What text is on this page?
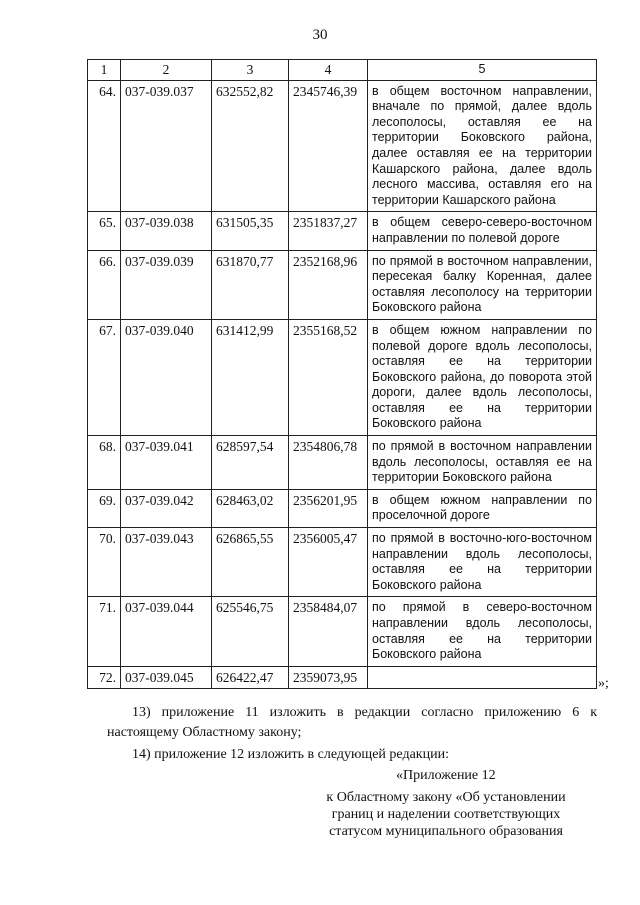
30
1	2	3	4	5
64.	037-039.037	632552,82	2345746,39	в общем восточном направлении, вначале по прямой, далее вдоль лесополосы, оставляя ее на территории Боковского района, далее оставляя ее на территории Кашарского района, далее вдоль лесного массива, оставляя его на территории Кашарского района
65.	037-039.038	631505,35	2351837,27	в общем северо-северо-восточном направлении по полевой дороге
66.	037-039.039	631870,77	2352168,96	по прямой в восточном направлении, пересекая балку Коренная, далее оставляя лесополосу на территории Боковского района
67.	037-039.040	631412,99	2355168,52	в общем южном направлении по полевой дороге вдоль лесополосы, оставляя ее на территории Боковского района, до поворота этой дороги, далее вдоль лесополосы, оставляя ее на территории Боковского района
68.	037-039.041	628597,54	2354806,78	по прямой в восточном направлении вдоль лесополосы, оставляя ее на территории Боковского района
69.	037-039.042	628463,02	2356201,95	в общем южном направлении по проселочной дороге
70.	037-039.043	626865,55	2356005,47	по прямой в восточно-юго-восточном направлении вдоль лесополосы, оставляя ее на территории Боковского района
71.	037-039.044	625546,75	2358484,07	по прямой в северо-восточном направлении вдоль лесополосы, оставляя ее на территории Боковского района
72.	037-039.045	626422,47	2359073,95		»;
13) приложение 11 изложить в редакции согласно приложению 6 к настоящему Областному закону;
14) приложение 12 изложить в следующей редакции:
«Приложение 12
к Областному закону «Об установлении
границ и наделении соответствующих
статусом муниципального образования
